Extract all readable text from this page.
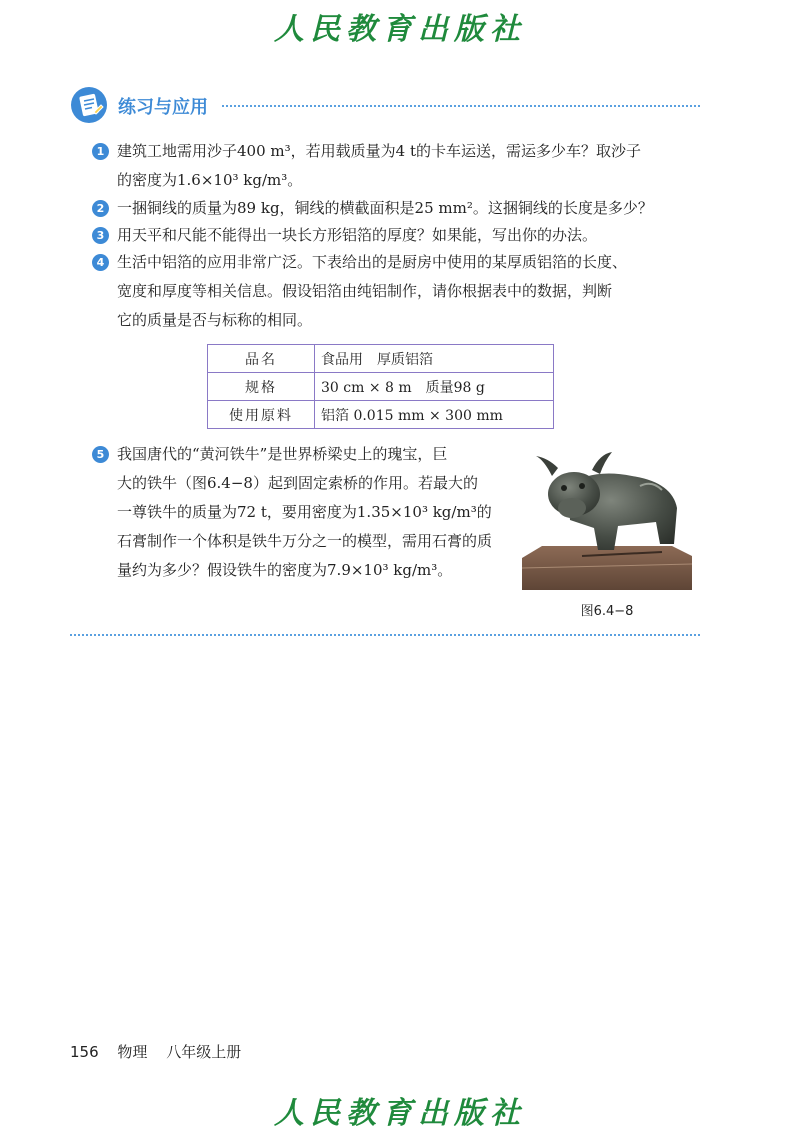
人民教育出版社
练习与应用
1 建筑工地需用沙子400 m³，若用载质量为4 t的卡车运送，需运多少车？取沙子
的密度为1.6×10³ kg/m³。
2 一捆铜线的质量为89 kg，铜线的横截面积是25 mm²。这捆铜线的长度是多少？
3 用天平和尺能不能得出一块长方形铝箔的厚度？如果能，写出你的办法。
4 生活中铝箔的应用非常广泛。下表给出的是厨房中使用的某厚质铝箔的长度、
宽度和厚度等相关信息。假设铝箔由纯铝制作，请你根据表中的数据，判断
它的质量是否与标称的相同。
品名	食品用　厚质铝箔
规格	30 cm × 8 m　质量98 g
使用原料	铝箔 0.015 mm × 300 mm
5 我国唐代的“黄河铁牛”是世界桥梁史上的瑰宝，巨
大的铁牛（图6.4−8）起到固定索桥的作用。若最大的
一尊铁牛的质量为72 t，要用密度为1.35×10³ kg/m³的
石膏制作一个体积是铁牛万分之一的模型，需用石膏的质
量约为多少？假设铁牛的密度为7.9×10³ kg/m³。
图6.4−8
156 物理 八年级上册
人民教育出版社
